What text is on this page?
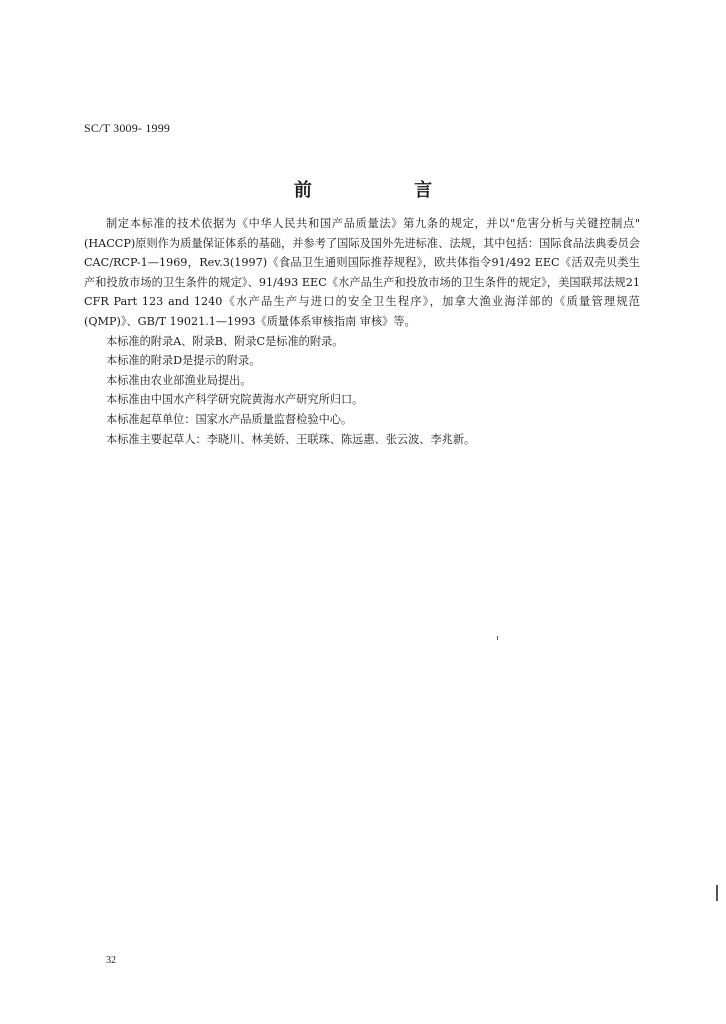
SC/T 3009- 1999
前 言

制定本标准的技术依据为《中华人民共和国产品质量法》第九条的规定，并以"危害分析与关键控制点"(HACCP)原则作为质量保证体系的基础，并参考了国际及国外先进标准、法规，其中包括：国际食品法典委员会CAC/RCP-1—1969，Rev.3(1997)《食品卫生通则国际推荐规程》，欧共体指令91/492 EEC《活双壳贝类生产和投放市场的卫生条件的规定》、91/493 EEC《水产品生产和投放市场的卫生条件的规定》，美国联邦法规21 CFR Part 123 and 1240《水产品生产与进口的安全卫生程序》，加拿大渔业海洋部的《质量管理规范(QMP)》、GB/T 19021.1—1993《质量体系审核指南 审核》等。

本标准的附录A、附录B、附录C是标准的附录。

本标准的附录D是提示的附录。

本标准由农业部渔业局提出。

本标准由中国水产科学研究院黄海水产研究所归口。

本标准起草单位：国家水产品质量监督检验中心。

本标准主要起草人：李晓川、林美娇、王联珠、陈远惠、张云波、李兆新。

32
